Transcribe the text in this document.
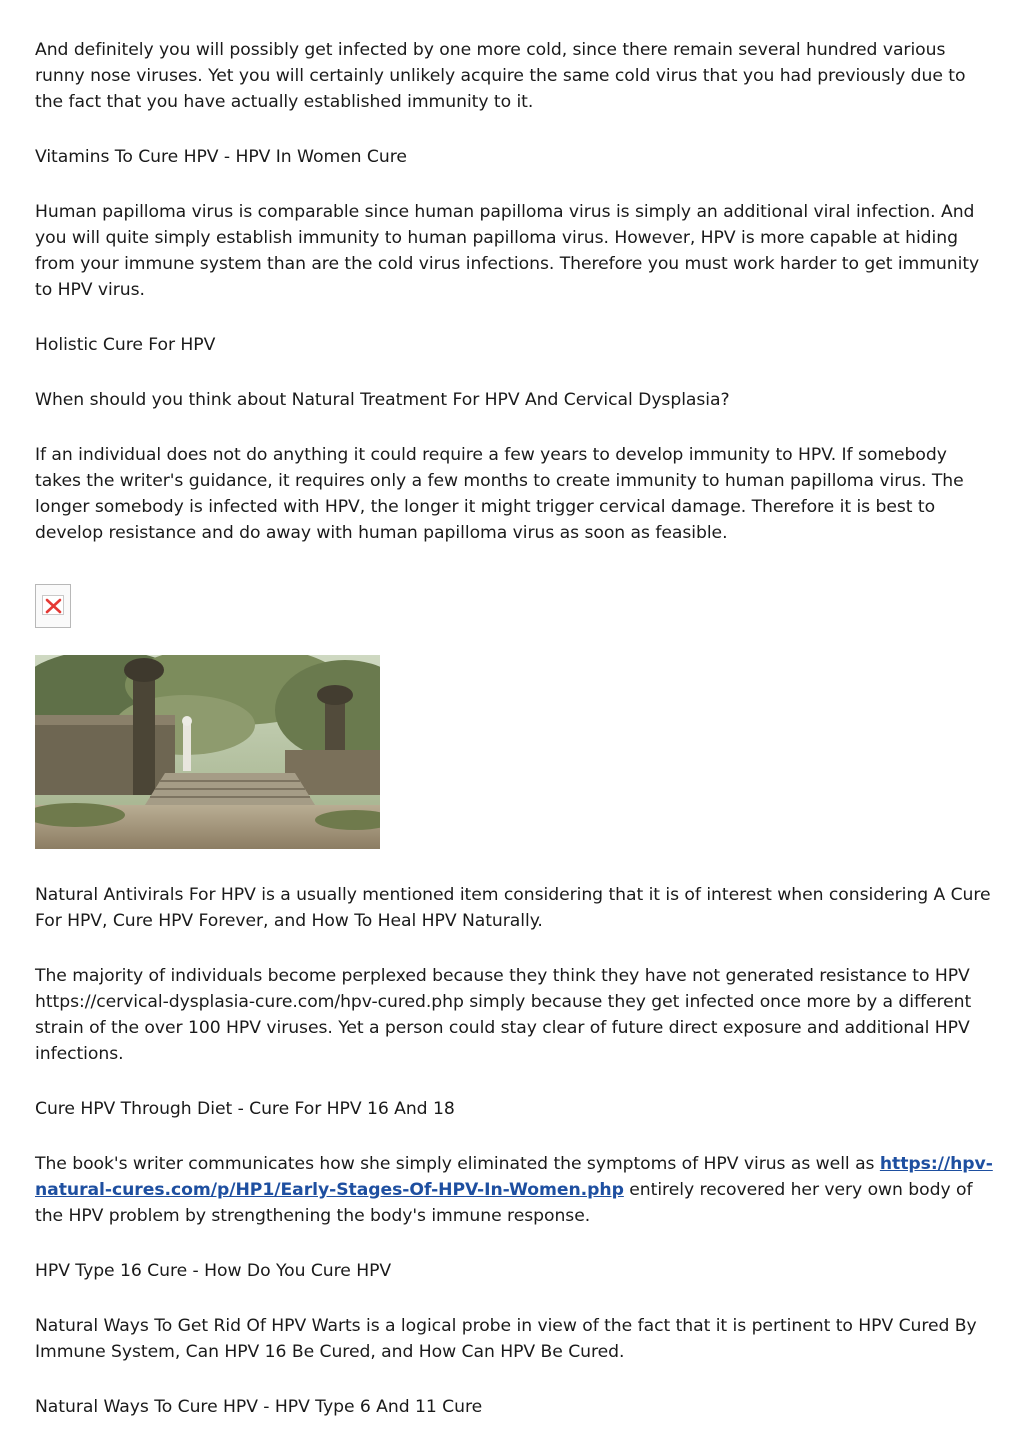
And definitely you will possibly get infected by one more cold, since there remain several hundred various runny nose viruses. Yet you will certainly unlikely acquire the same cold virus that you had previously due to the fact that you have actually established immunity to it.

Vitamins To Cure HPV - HPV In Women Cure

Human papilloma virus is comparable since human papilloma virus is simply an additional viral infection. And you will quite simply establish immunity to human papilloma virus. However, HPV is more capable at hiding from your immune system than are the cold virus infections. Therefore you must work harder to get immunity to HPV virus.

Holistic Cure For HPV

When should you think about Natural Treatment For HPV And Cervical Dysplasia?

If an individual does not do anything it could require a few years to develop immunity to HPV. If somebody takes the writer's guidance, it requires only a few months to create immunity to human papilloma virus. The longer somebody is infected with HPV, the longer it might trigger cervical damage. Therefore it is best to develop resistance and do away with human papilloma virus as soon as feasible.

Natural Antivirals For HPV is a usually mentioned item considering that it is of interest when considering A Cure For HPV, Cure HPV Forever, and How To Heal HPV Naturally.

The majority of individuals become perplexed because they think they have not generated resistance to HPV https://cervical-dysplasia-cure.com/hpv-cured.php simply because they get infected once more by a different strain of the over 100 HPV viruses. Yet a person could stay clear of future direct exposure and additional HPV infections.

Cure HPV Through Diet - Cure For HPV 16 And 18

The book's writer communicates how she simply eliminated the symptoms of HPV virus as well as https://hpv-natural-cures.com/p/HP1/Early-Stages-Of-HPV-In-Women.php entirely recovered her very own body of the HPV problem by strengthening the body's immune response.

HPV Type 16 Cure - How Do You Cure HPV

Natural Ways To Get Rid Of HPV Warts is a logical probe in view of the fact that it is pertinent to HPV Cured By Immune System, Can HPV 16 Be Cured, and How Can HPV Be Cured.

Natural Ways To Cure HPV - HPV Type 6 And 11 Cure
